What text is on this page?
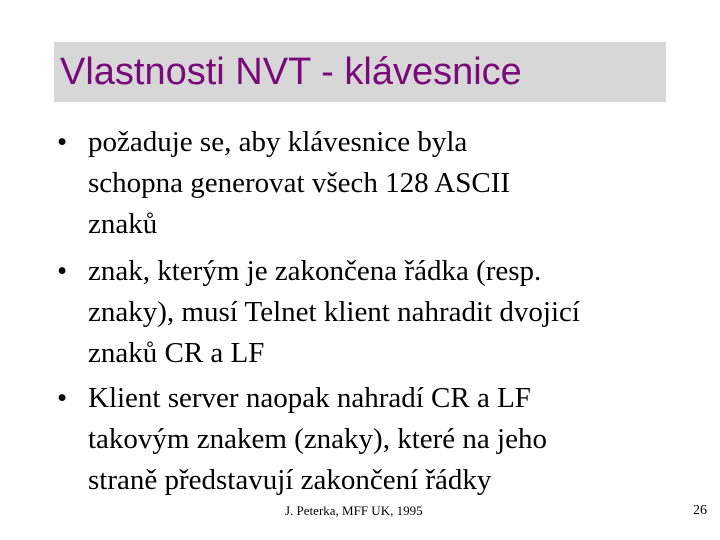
Vlastnosti NVT - klávesnice
• požaduje se, aby klávesnice byla
schopna generovat všech 128 ASCII
znaků
• znak, kterým je zakončena řádka (resp.
znaky), musí Telnet klient nahradit dvojicí
znaků CR a LF
• Klient server naopak nahradí CR a LF
takovým znakem (znaky), které na jeho
straně představují zakončení řádky
J. Peterka, MFF UK, 1995	26
